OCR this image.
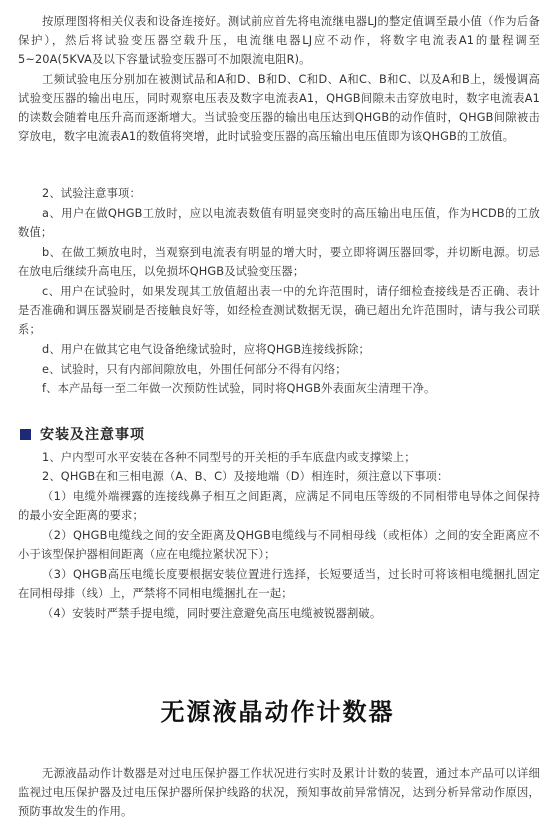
按原理图将相关仪表和设备连接好。测试前应首先将电流继电器LJ的整定值调至最小值（作为后备保护），然后将试验变压器空载升压，电流继电器LJ应不动作，将数字电流表A1的量程调至5~20A(5KVA及以下容量试验变压器可不加限流电阻R)。

工频试验电压分别加在被测试品和A和D、B和D、C和D、A和C、B和C、以及A和B上，缓慢调高试验变压器的输出电压，同时观察电压表及数字电流表A1，QHGB间隙未击穿放电时，数字电流表A1的读数会随着电压升高而逐渐增大。当试验变压器的输出电压达到QHGB的动作值时，QHGB间隙被击穿放电，数字电流表A1的数值将突增，此时试验变压器的高压输出电压值即为该QHGB的工放值。

2、试验注意事项：

a、用户在做QHGB工放时，应以电流表数值有明显突变时的高压输出电压值，作为HCDB的工放数值；

b、在做工频放电时，当观察到电流表有明显的增大时，要立即将调压器回零，并切断电源。切忌在放电后继续升高电压，以免损坏QHGB及试验变压器；

c、用户在试验时，如果发现其工放值超出表一中的允许范围时，请仔细检查接线是否正确、表计是否准确和调压器炭刷是否接触良好等，如经检查测试数据无误，确已超出允许范围时，请与我公司联系；

d、用户在做其它电气设备绝缘试验时，应将QHGB连接线拆除；

e、试验时，只有内部间隙放电，外围任何部分不得有闪络；

f、本产品每一至二年做一次预防性试验，同时将QHGB外表面灰尘清理干净。

安装及注意事项

1、户内型可水平安装在各种不同型号的开关柜的手车底盘内或支撑梁上；

2、QHGB在和三相电源（A、B、C）及接地端（D）相连时，须注意以下事项：

（1）电缆外端裸露的连接线鼻子相互之间距离，应满足不同电压等级的不同相带电导体之间保持的最小安全距离的要求；

（2）QHGB电缆线之间的安全距离及QHGB电缆线与不同相母线（或柜体）之间的安全距离应不小于该型保护器相间距离（应在电缆拉紧状况下）；

（3）QHGB高压电缆长度要根据安装位置进行选择，长短要适当，过长时可将该相电缆捆扎固定在同相母排（线）上，严禁将不同相电缆捆扎在一起；

（4）安装时严禁手提电缆，同时要注意避免高压电缆被锐器割破。

无源液晶动作计数器

无源液晶动作计数器是对过电压保护器工作状况进行实时及累计计数的装置，通过本产品可以详细监视过电压保护器及过电压保护器所保护线路的状况，预知事故前异常情况，达到分析异常动作原因，预防事故发生的作用。
